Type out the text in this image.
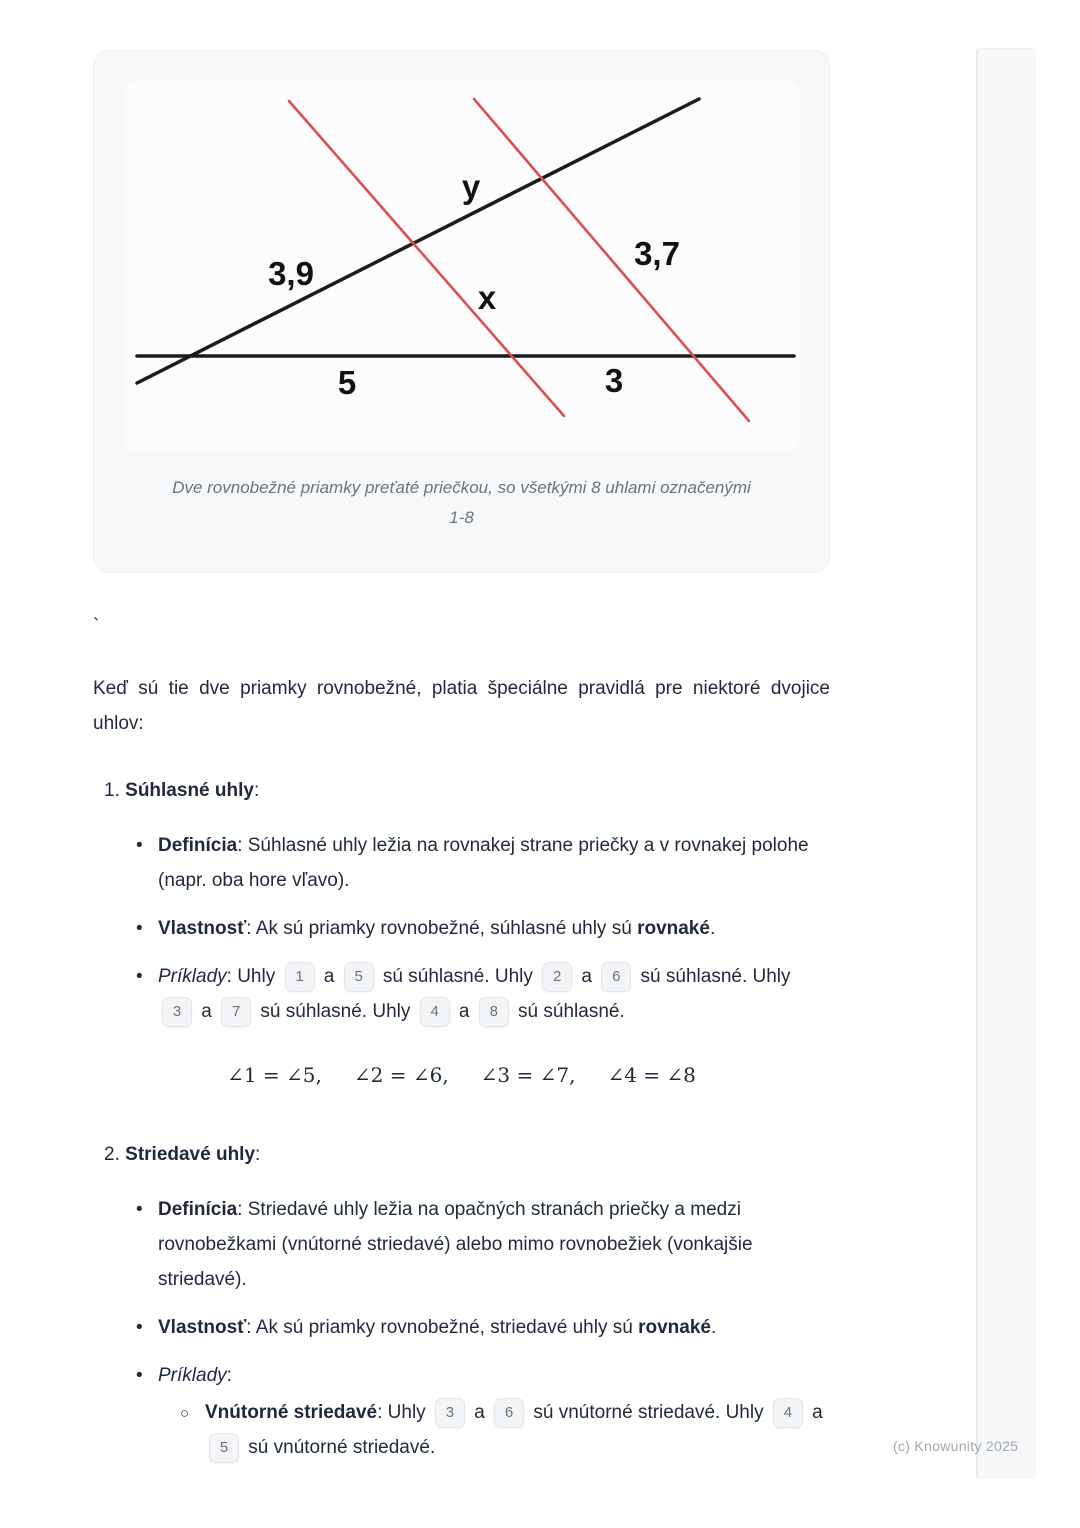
y
3,9
x
3,7
5	3

Dve rovnobežné priamky preťaté priečkou, so všetkými 8 uhlami označenými
1-8

`

Keď sú tie dve priamky rovnobežné, platia špeciálne pravidlá pre niektoré dvojice uhlov:

1. Súhlasné uhly:
• Definícia: Súhlasné uhly ležia na rovnakej strane priečky a v rovnakej polohe (napr. oba hore vľavo).
• Vlastnosť: Ak sú priamky rovnobežné, súhlasné uhly sú rovnaké.
• Príklady: Uhly 1 a 5 sú súhlasné. Uhly 2 a 6 sú súhlasné. Uhly 3 a 7 sú súhlasné. Uhly 4 a 8 sú súhlasné.
∠1 = ∠5, ∠2 = ∠6, ∠3 = ∠7, ∠4 = ∠8
2. Striedavé uhly:
• Definícia: Striedavé uhly ležia na opačných stranách priečky a medzi rovnobežkami (vnútorné striedavé) alebo mimo rovnobežiek (vonkajšie striedavé).
• Vlastnosť: Ak sú priamky rovnobežné, striedavé uhly sú rovnaké.
• Príklady:
○ Vnútorné striedavé: Uhly 3 a 6 sú vnútorné striedavé. Uhly 4 a 5 sú vnútorné striedavé.	(c) Knowunity 2025
